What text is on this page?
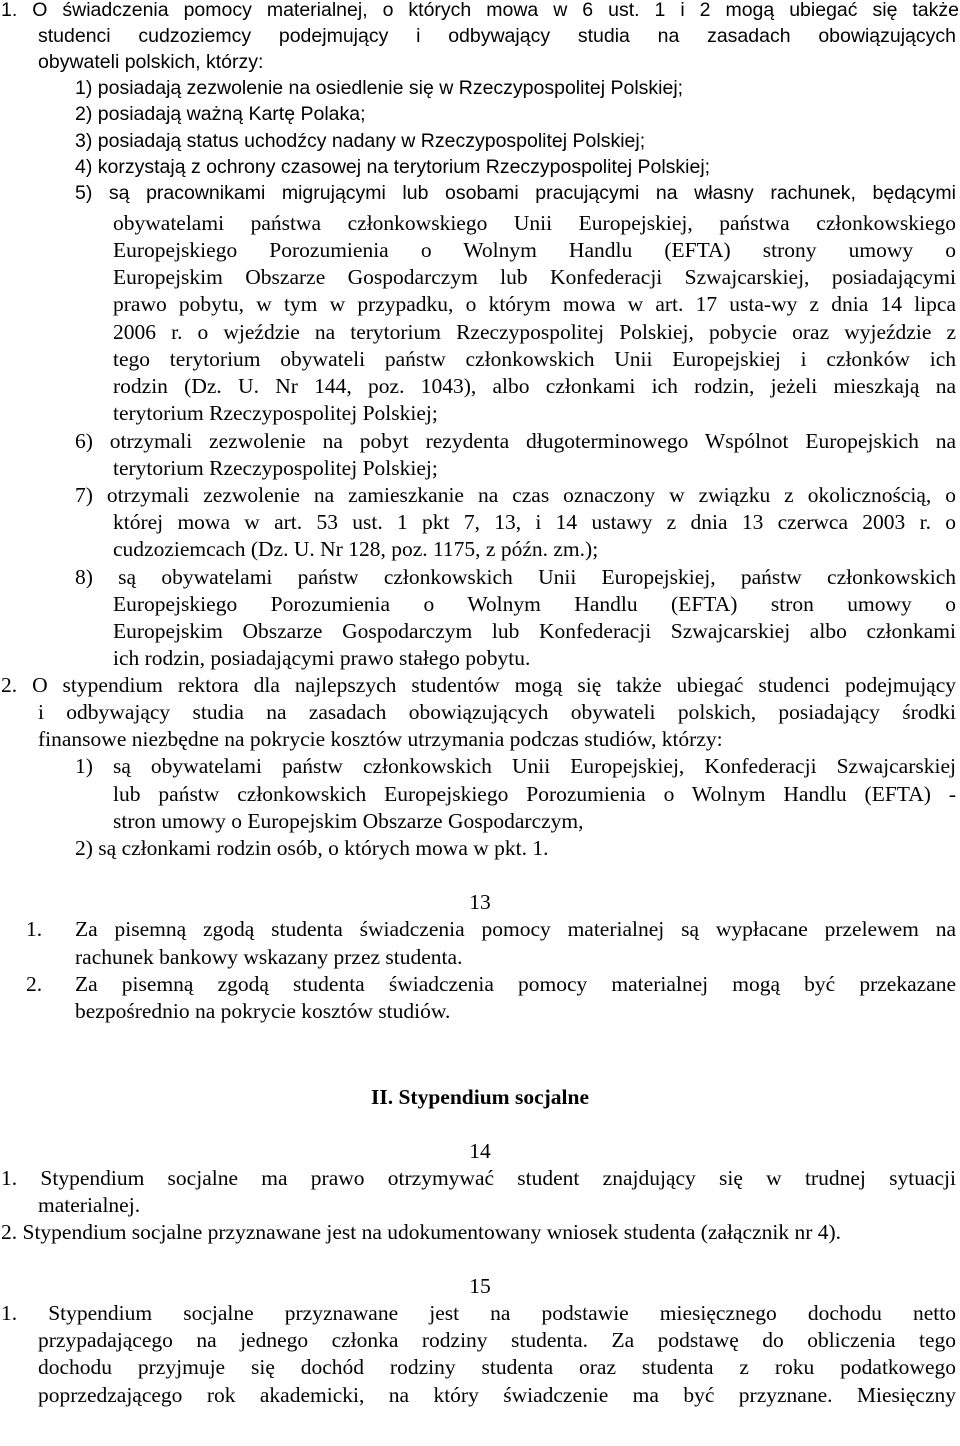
1. O świadczenia pomocy materialnej, o których mowa w 6 ust. 1 i 2 mogą ubiegać się także
studenci cudzoziemcy podejmujący i odbywający studia na zasadach obowiązujących
obywateli polskich, którzy:
1) posiadają zezwolenie na osiedlenie się w Rzeczypospolitej Polskiej;
2) posiadają ważną Kartę Polaka;
3) posiadają status uchodźcy nadany w Rzeczypospolitej Polskiej;
4) korzystają z ochrony czasowej na terytorium Rzeczypospolitej Polskiej;
5) są pracownikami migrującymi lub osobami pracującymi na własny rachunek, będącymi
obywatelami państwa członkowskiego Unii Europejskiej, państwa członkowskiego
Europejskiego Porozumienia o Wolnym Handlu (EFTA) strony umowy o
Europejskim Obszarze Gospodarczym lub Konfederacji Szwajcarskiej, posiadającymi
prawo pobytu, w tym w przypadku, o którym mowa w art. 17 usta-wy z dnia 14 lipca
2006 r. o wjeździe na terytorium Rzeczypospolitej Polskiej, pobycie oraz wyjeździe z
tego terytorium obywateli państw członkowskich Unii Europejskiej i członków ich
rodzin (Dz. U. Nr 144, poz. 1043), albo członkami ich rodzin, jeżeli mieszkają na
terytorium Rzeczypospolitej Polskiej;
6) otrzymali zezwolenie na pobyt rezydenta długoterminowego Wspólnot Europejskich na
terytorium Rzeczypospolitej Polskiej;
7) otrzymali zezwolenie na zamieszkanie na czas oznaczony w związku z okolicznością, o
której mowa w art. 53 ust. 1 pkt 7, 13, i 14 ustawy z dnia 13 czerwca 2003 r. o
cudzoziemcach (Dz. U. Nr 128, poz. 1175, z późn. zm.);
8) są obywatelami państw członkowskich Unii Europejskiej, państw członkowskich
Europejskiego Porozumienia o Wolnym Handlu (EFTA) stron umowy o
Europejskim Obszarze Gospodarczym lub Konfederacji Szwajcarskiej albo członkami
ich rodzin, posiadającymi prawo stałego pobytu.
2. O stypendium rektora dla najlepszych studentów mogą się także ubiegać studenci podejmujący
i odbywający studia na zasadach obowiązujących obywateli polskich, posiadający środki
finansowe niezbędne na pokrycie kosztów utrzymania podczas studiów, którzy:
1) są obywatelami państw członkowskich Unii Europejskiej, Konfederacji Szwajcarskiej
lub państw członkowskich Europejskiego Porozumienia o Wolnym Handlu (EFTA) -
stron umowy o Europejskim Obszarze Gospodarczym,
2) są członkami rodzin osób, o których mowa w pkt. 1.
13
1. Za pisemną zgodą studenta świadczenia pomocy materialnej są wypłacane przelewem na
rachunek bankowy wskazany przez studenta.
2. Za pisemną zgodą studenta świadczenia pomocy materialnej mogą być przekazane
bezpośrednio na pokrycie kosztów studiów.
II. Stypendium socjalne
14
1. Stypendium socjalne ma prawo otrzymywać student znajdujący się w trudnej sytuacji
materialnej.
2. Stypendium socjalne przyznawane jest na udokumentowany wniosek studenta (załącznik nr 4).
15
1. Stypendium socjalne przyznawane jest na podstawie miesięcznego dochodu netto
przypadającego na jednego członka rodziny studenta. Za podstawę do obliczenia tego
dochodu przyjmuje się dochód rodziny studenta oraz studenta z roku podatkowego
poprzedzającego rok akademicki, na który świadczenie ma być przyznane. Miesięczny
